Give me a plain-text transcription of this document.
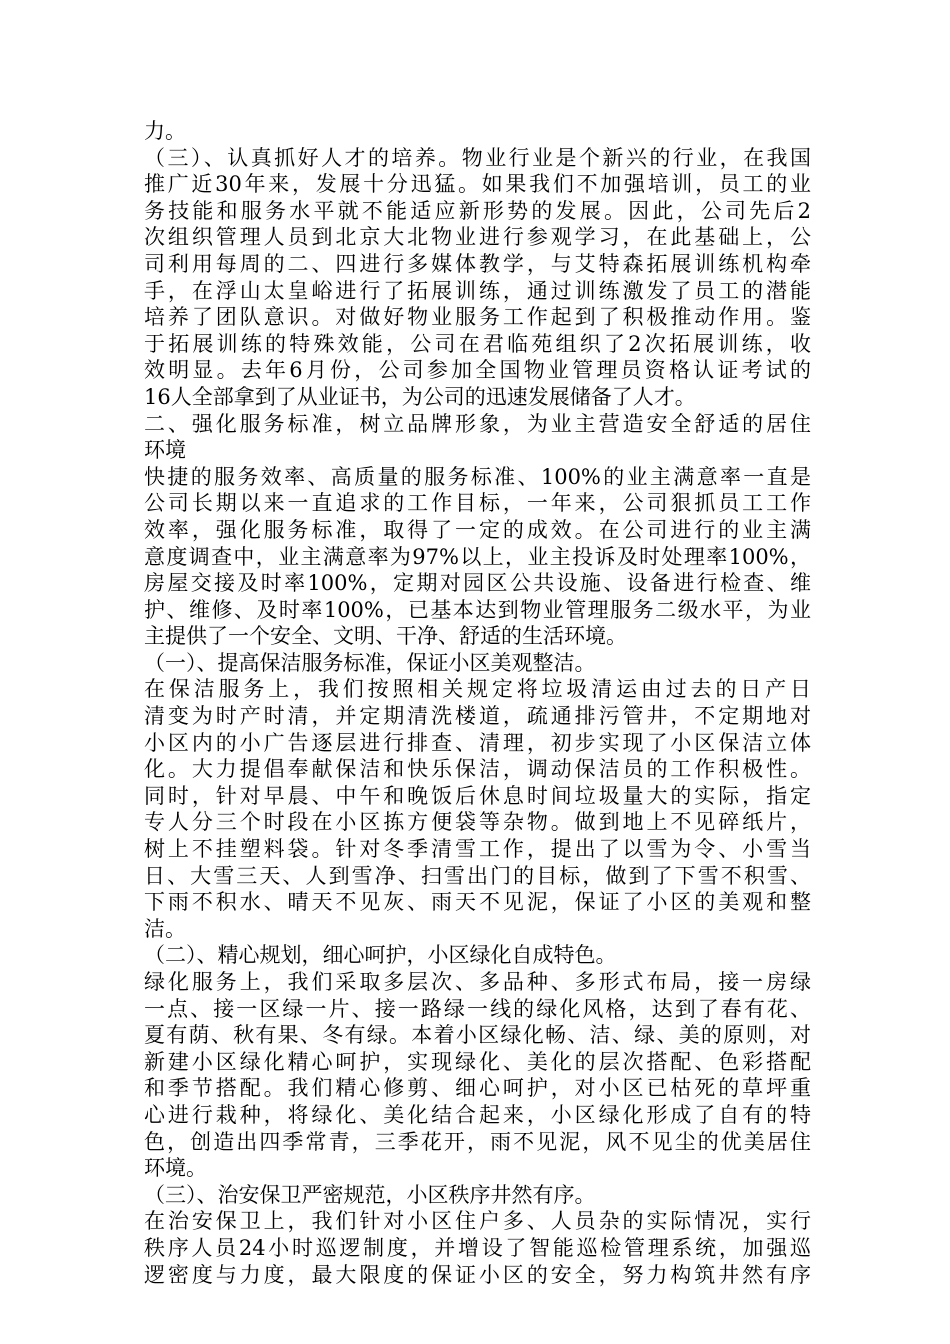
力。
（三）、认真抓好人才的培养。物业行业是个新兴的行业，在我国
推广近30年来，发展十分迅猛。如果我们不加强培训，员工的业
务技能和服务水平就不能适应新形势的发展。因此，公司先后2
次组织管理人员到北京大北物业进行参观学习，在此基础上，公
司利用每周的二、四进行多媒体教学，与艾特森拓展训练机构牵
手，在浮山太皇峪进行了拓展训练，通过训练激发了员工的潜能
培养了团队意识。对做好物业服务工作起到了积极推动作用。鉴
于拓展训练的特殊效能，公司在君临苑组织了2次拓展训练，收
效明显。去年6月份，公司参加全国物业管理员资格认证考试的
16人全部拿到了从业证书，为公司的迅速发展储备了人才。
二、强化服务标准，树立品牌形象，为业主营造安全舒适的居住
环境
快捷的服务效率、高质量的服务标准、100%的业主满意率一直是
公司长期以来一直追求的工作目标，一年来，公司狠抓员工工作
效率，强化服务标准，取得了一定的成效。在公司进行的业主满
意度调查中，业主满意率为97%以上，业主投诉及时处理率100%，
房屋交接及时率100%，定期对园区公共设施、设备进行检查、维
护、维修、及时率100%，已基本达到物业管理服务二级水平，为业
主提供了一个安全、文明、干净、舒适的生活环境。
（一）、提高保洁服务标准，保证小区美观整洁。
在保洁服务上，我们按照相关规定将垃圾清运由过去的日产日
清变为时产时清，并定期清洗楼道，疏通排污管井，不定期地对
小区内的小广告逐层进行排查、清理，初步实现了小区保洁立体
化。大力提倡奉献保洁和快乐保洁，调动保洁员的工作积极性。
同时，针对早晨、中午和晚饭后休息时间垃圾量大的实际，指定
专人分三个时段在小区拣方便袋等杂物。做到地上不见碎纸片，
树上不挂塑料袋。针对冬季清雪工作，提出了以雪为令、小雪当
日、大雪三天、人到雪净、扫雪出门的目标，做到了下雪不积雪、
下雨不积水、晴天不见灰、雨天不见泥，保证了小区的美观和整
洁。
（二）、精心规划，细心呵护，小区绿化自成特色。
绿化服务上，我们采取多层次、多品种、多形式布局，接一房绿
一点、接一区绿一片、接一路绿一线的绿化风格，达到了春有花、
夏有荫、秋有果、冬有绿。本着小区绿化畅、洁、绿、美的原则，对
新建小区绿化精心呵护，实现绿化、美化的层次搭配、色彩搭配
和季节搭配。我们精心修剪、细心呵护，对小区已枯死的草坪重
心进行栽种，将绿化、美化结合起来，小区绿化形成了自有的特
色，创造出四季常青，三季花开，雨不见泥，风不见尘的优美居住
环境。
（三）、治安保卫严密规范，小区秩序井然有序。
在治安保卫上，我们针对小区住户多、人员杂的实际情况，实行
秩序人员24小时巡逻制度，并增设了智能巡检管理系统，加强巡
逻密度与力度，最大限度的保证小区的安全，努力构筑井然有序
